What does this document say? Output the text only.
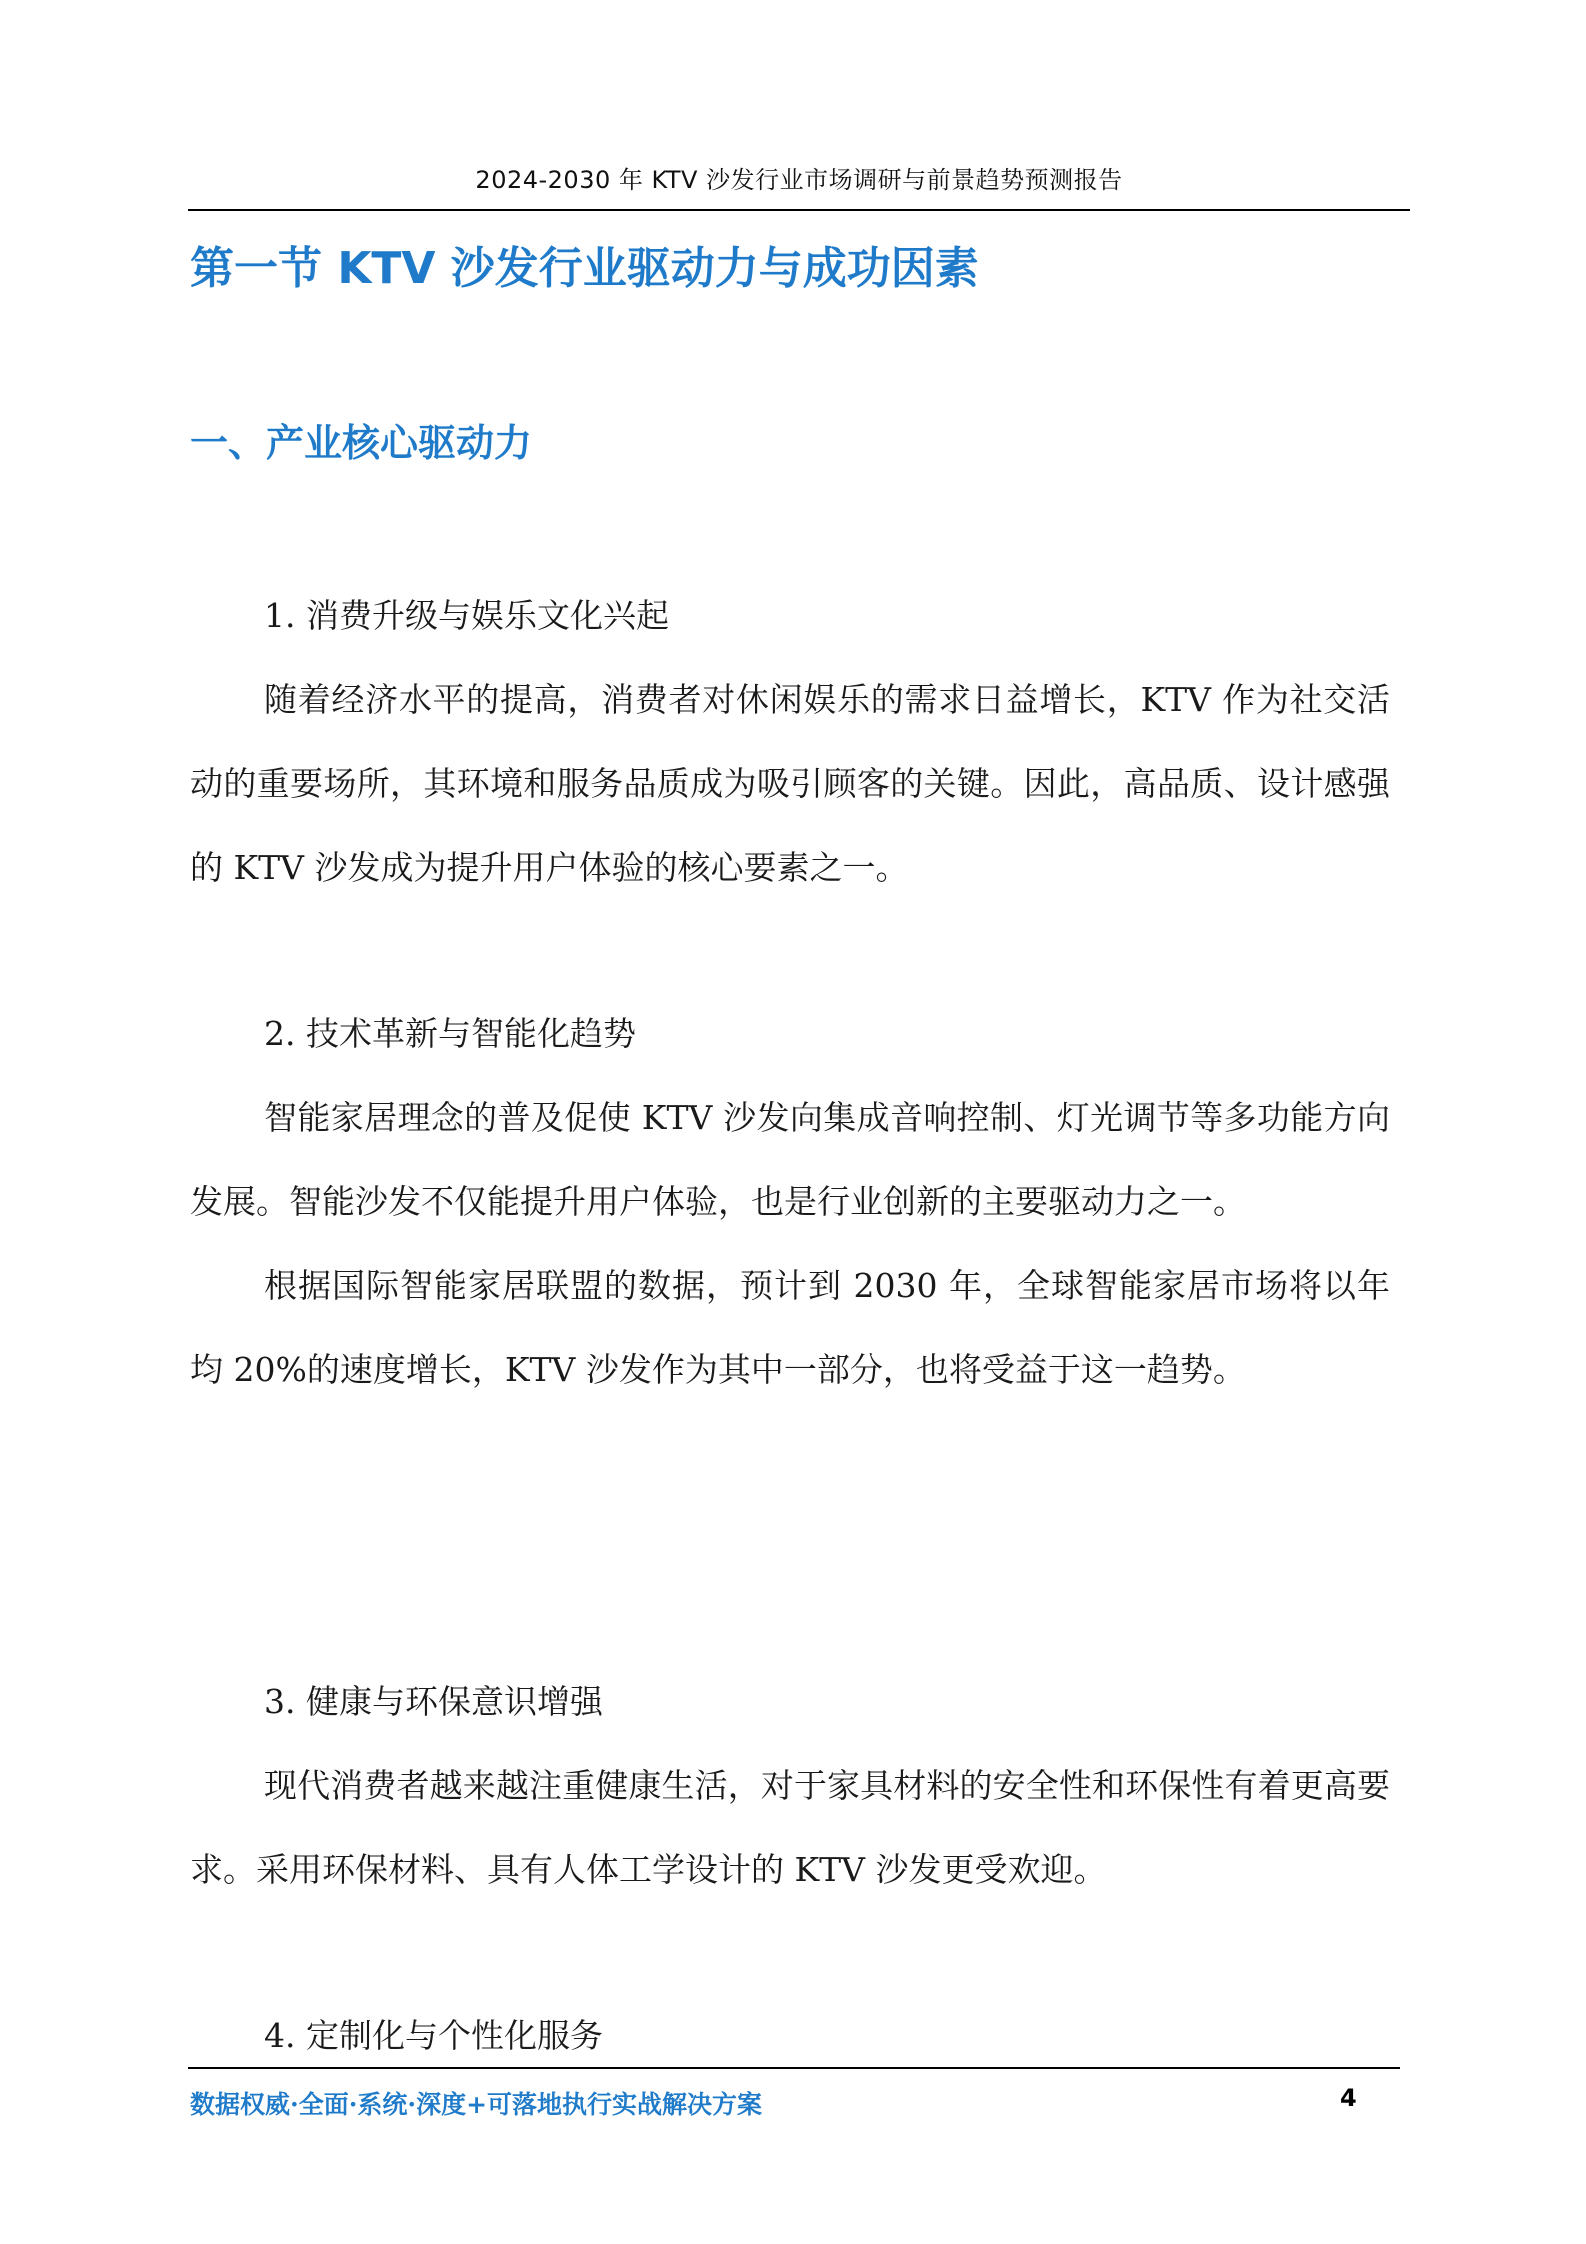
2024-2030 年 KTV 沙发行业市场调研与前景趋势预测报告
第一节 KTV 沙发行业驱动力与成功因素
一、产业核心驱动力

1. 消费升级与娱乐文化兴起

随着经济水平的提高，消费者对休闲娱乐的需求日益增长，KTV 作为社交活动的重要场所，其环境和服务品质成为吸引顾客的关键。因此，高品质、设计感强的 KTV 沙发成为提升用户体验的核心要素之一。

2. 技术革新与智能化趋势

智能家居理念的普及促使 KTV 沙发向集成音响控制、灯光调节等多功能方向发展。智能沙发不仅能提升用户体验，也是行业创新的主要驱动力之一。

根据国际智能家居联盟的数据，预计到 2030 年，全球智能家居市场将以年均 20%的速度增长，KTV 沙发作为其中一部分，也将受益于这一趋势。

3. 健康与环保意识增强

现代消费者越来越注重健康生活，对于家具材料的安全性和环保性有着更高要求。采用环保材料、具有人体工学设计的 KTV 沙发更受欢迎。

4. 定制化与个性化服务

数据权威·全面·系统·深度+可落地执行实战解决方案	4
